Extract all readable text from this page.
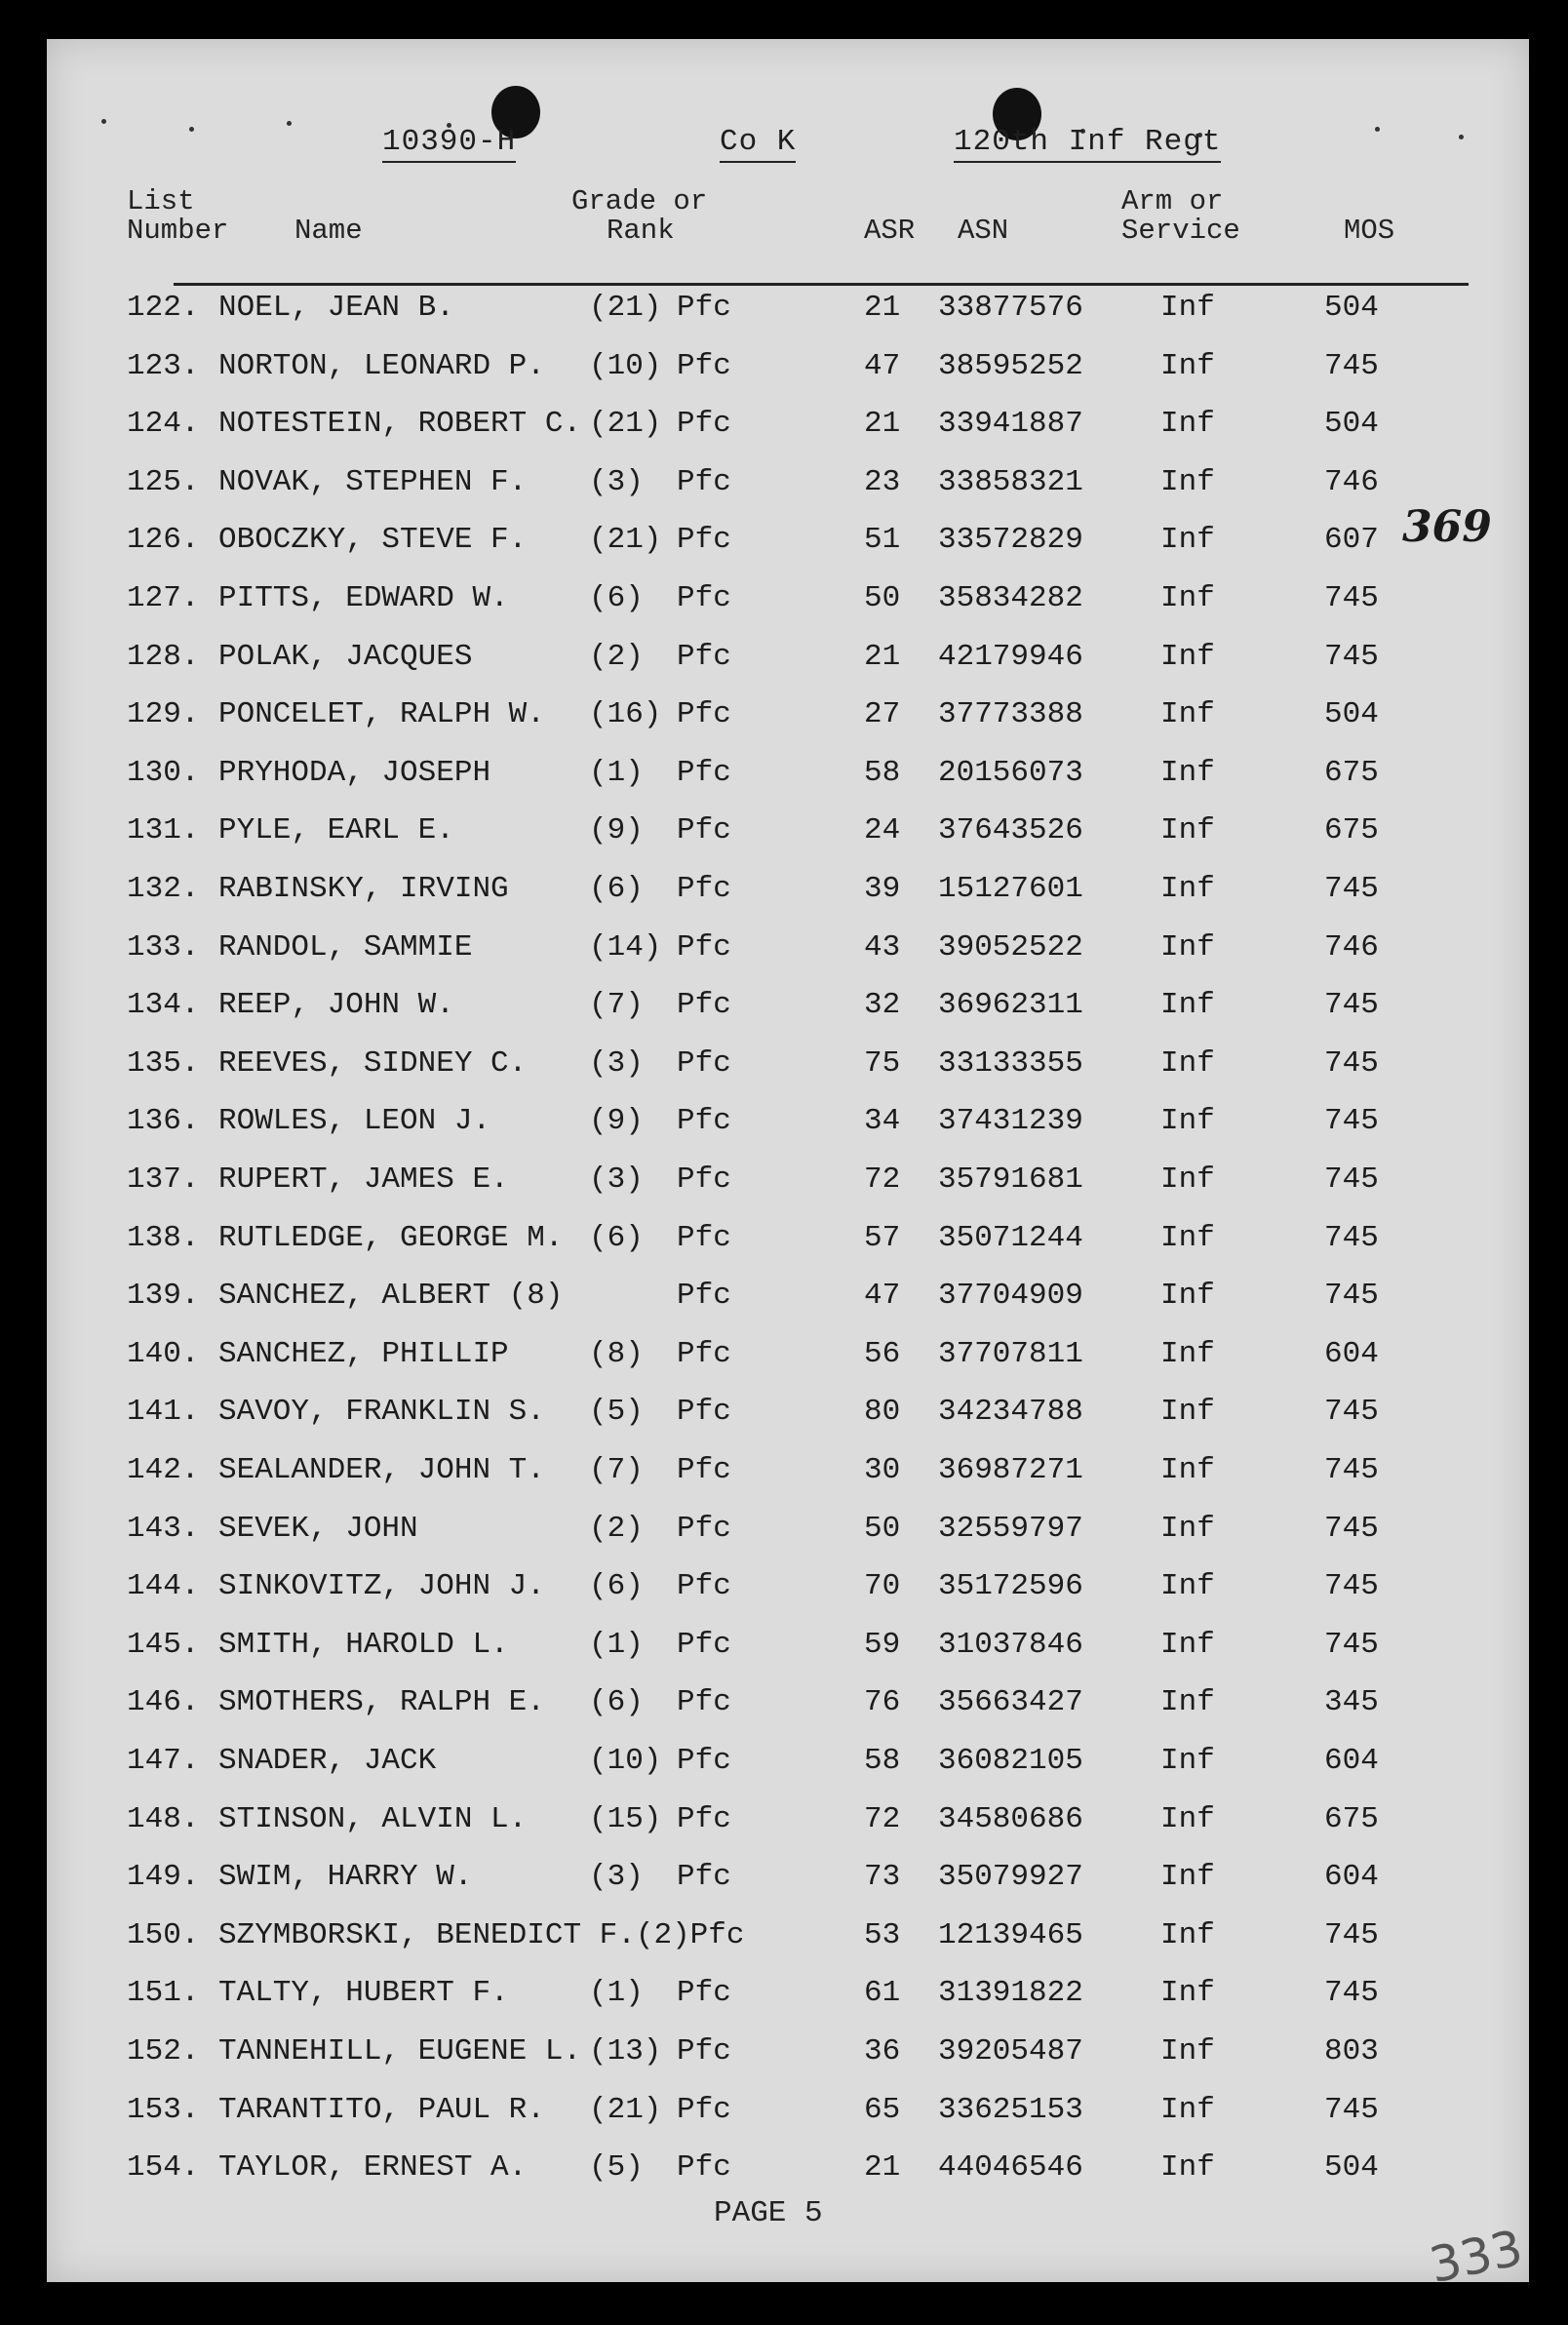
10390-H	Co K	120th Inf Regt
List
Number Name
Grade or
Rank	ASR ASN
Arm or
Service	MOS
122. NOEL, JEAN B.	(21) Pfc	21 33877576	Inf	504
123. NORTON, LEONARD P. (10) Pfc	47 38595252	Inf	745
124. NOTESTEIN, ROBERT C. (21) Pfc	21 33941887	Inf	504
125. NOVAK, STEPHEN F. (3) Pfc	23 33858321	Inf	746
126. OBOCZKY, STEVE F. (21) Pfc	51 33572829	Inf	607
127. PITTS, EDWARD W.	(6) Pfc	50 35834282	Inf	745
128. POLAK, JACQUES	(2) Pfc	21 42179946	Inf	745
129. PONCELET, RALPH W. (16) Pfc	27 37773388	Inf	504
130. PRYHODA, JOSEPH	(1) Pfc	58 20156073	Inf	675
131. PYLE, EARL E.	(9) Pfc	24 37643526	Inf	675
132. RABINSKY, IRVING	(6) Pfc	39 15127601	Inf	745
133. RANDOL, SAMMIE	(14) Pfc	43 39052522	Inf	746
134. REEP, JOHN W.	(7) Pfc	32 36962311	Inf	745
135. REEVES, SIDNEY C. (3) Pfc	75 33133355	Inf	745
136. ROWLES, LEON J.	(9) Pfc	34 37431239	Inf	745
137. RUPERT, JAMES E.	(3) Pfc	72 35791681	Inf	745
138. RUTLEDGE, GEORGE M. (6) Pfc	57 35071244	Inf	745
139. SANCHEZ, ALBERT (8)	Pfc	47 37704909	Inf	745
140. SANCHEZ, PHILLIP	(8) Pfc	56 37707811	Inf	604
141. SAVOY, FRANKLIN S. (5) Pfc	80 34234788	Inf	745
142. SEALANDER, JOHN T. (7) Pfc	30 36987271	Inf	745
143. SEVEK, JOHN	(2) Pfc	50 32559797	Inf	745
144. SINKOVITZ, JOHN J. (6) Pfc	70 35172596	Inf	745
145. SMITH, HAROLD L.	(1) Pfc	59 31037846	Inf	745
146. SMOTHERS, RALPH E. (6) Pfc	76 35663427	Inf	345
147. SNADER, JACK	(10) Pfc	58 36082105	Inf	604
148. STINSON, ALVIN L. (15) Pfc	72 34580686	Inf	675
149. SWIM, HARRY W.	(3) Pfc	73 35079927	Inf	604
150. SZYMBORSKI, BENEDICT F.(2)Pfc	53 12139465	Inf	745
151. TALTY, HUBERT F.	(1) Pfc	61 31391822	Inf	745
152. TANNEHILL, EUGENE L. (13) Pfc	36 39205487	Inf	803
153. TARANTITO, PAUL R. (21) Pfc	65 33625153	Inf	745
154. TAYLOR, ERNEST A. (5) Pfc	21 44046546	Inf	504
369
PAGE 5
333
